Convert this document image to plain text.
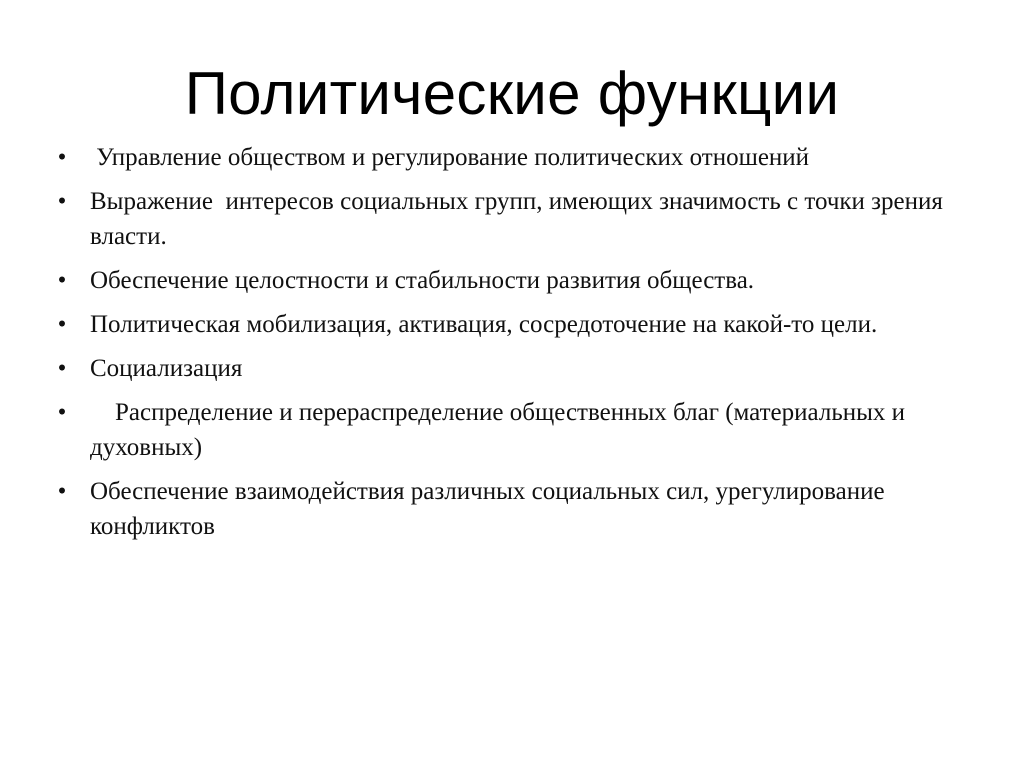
Политические функции
• Управление обществом и регулирование политических отношений
• Выражение  интересов социальных групп, имеющих значимость с точки зрения власти.
• Обеспечение целостности и стабильности развития общества.
• Политическая мобилизация, активация, сосредоточение на какой-то цели.
• Социализация
• Распределение и перераспределение общественных благ (материальных и духовных)
• Обеспечение взаимодействия различных социальных сил, урегулирование конфликтов
